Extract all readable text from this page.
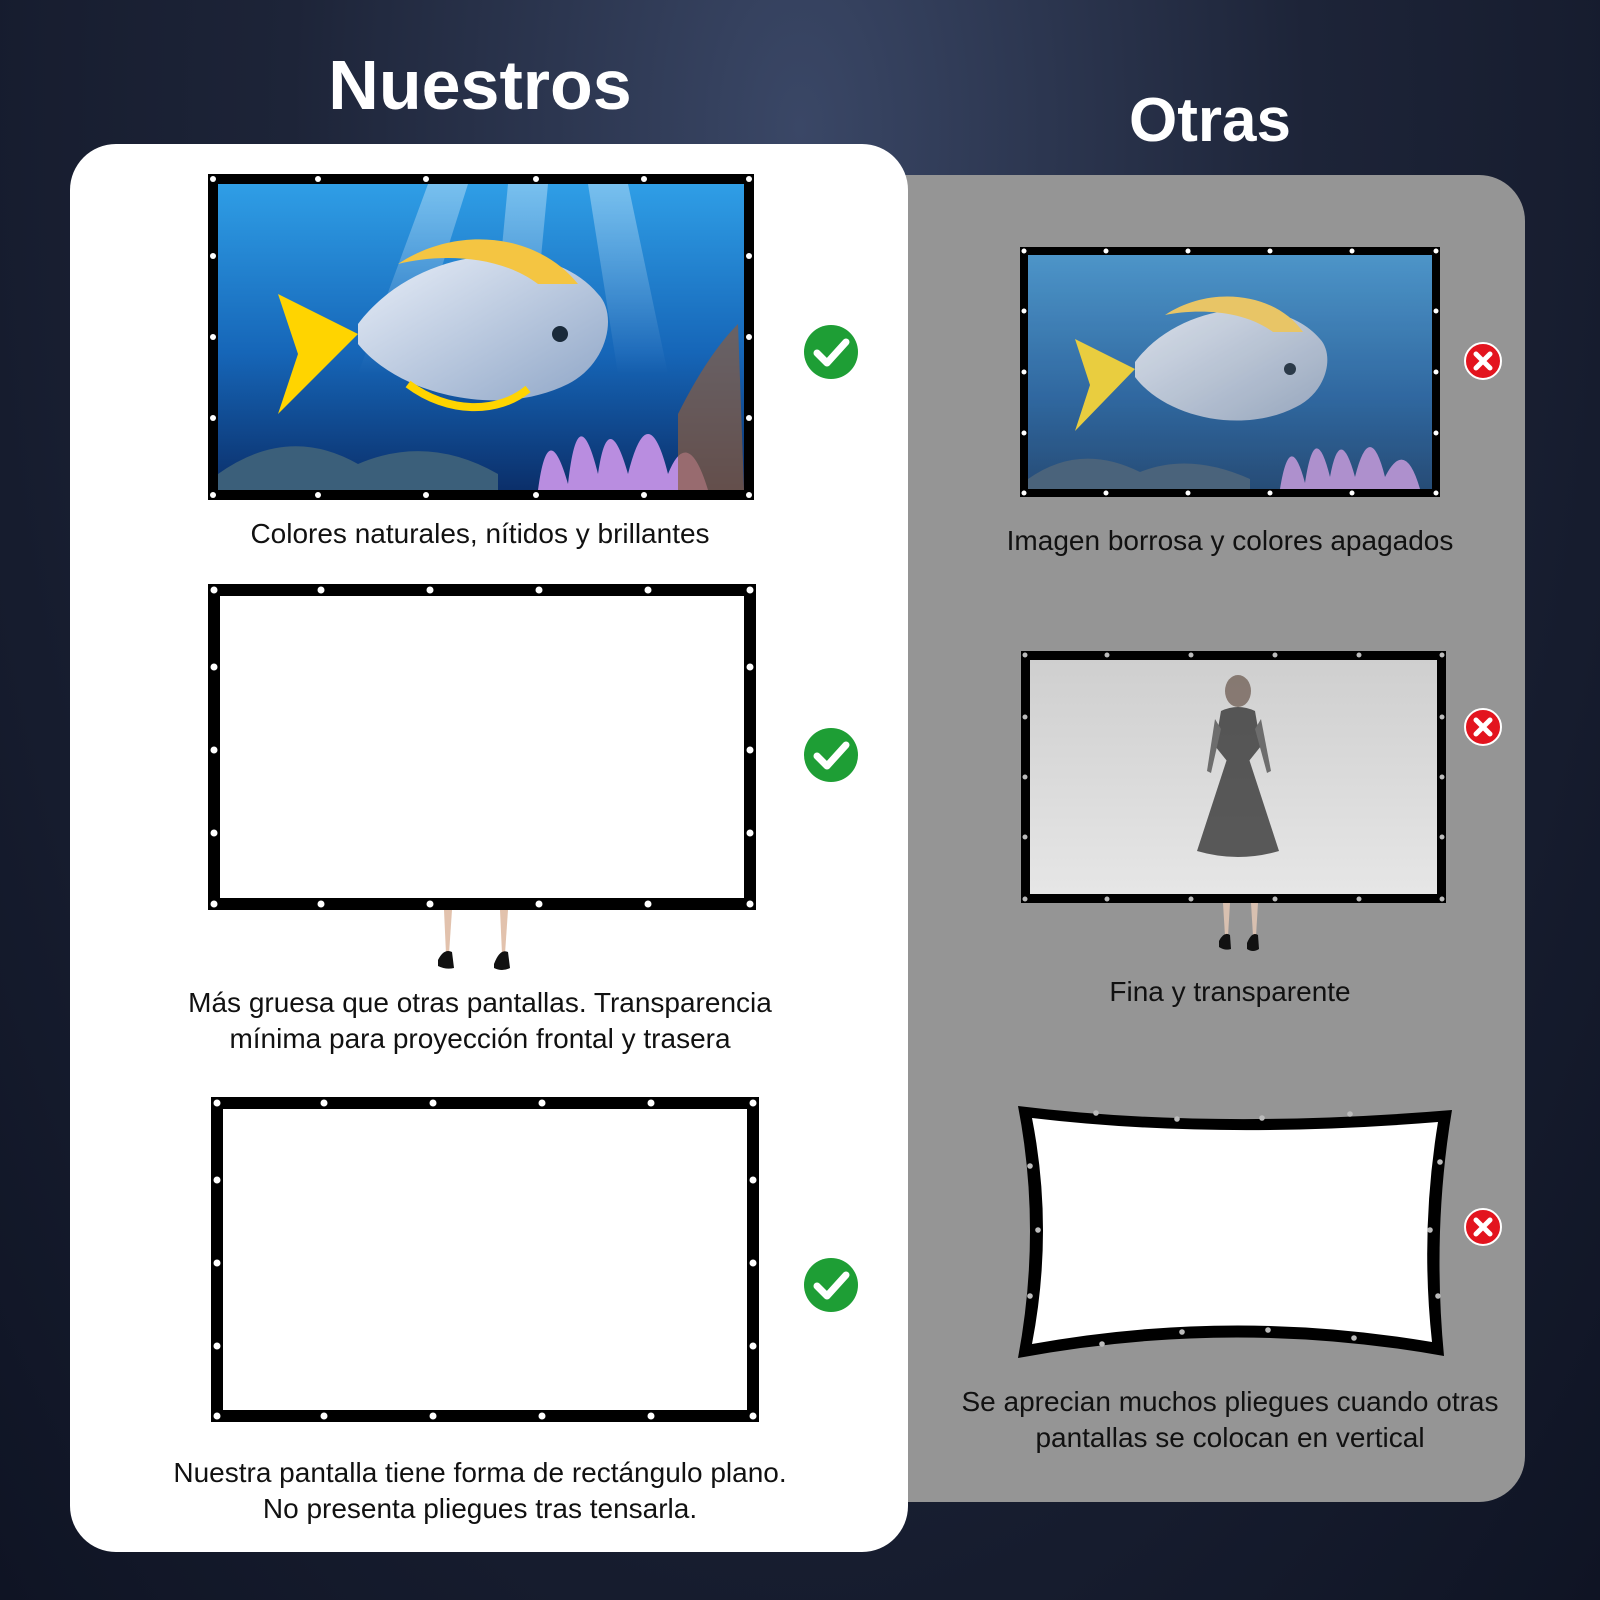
Nuestros	Otras
Colores naturales, nítidos y brillantes
Más gruesa que otras pantallas. Transparencia
mínima para proyección frontal y trasera
Nuestra pantalla tiene forma de rectángulo plano.
No presenta pliegues tras tensarla.
Imagen borrosa y colores apagados
Fina y transparente
Se aprecian muchos pliegues cuando otras
pantallas se colocan en vertical
